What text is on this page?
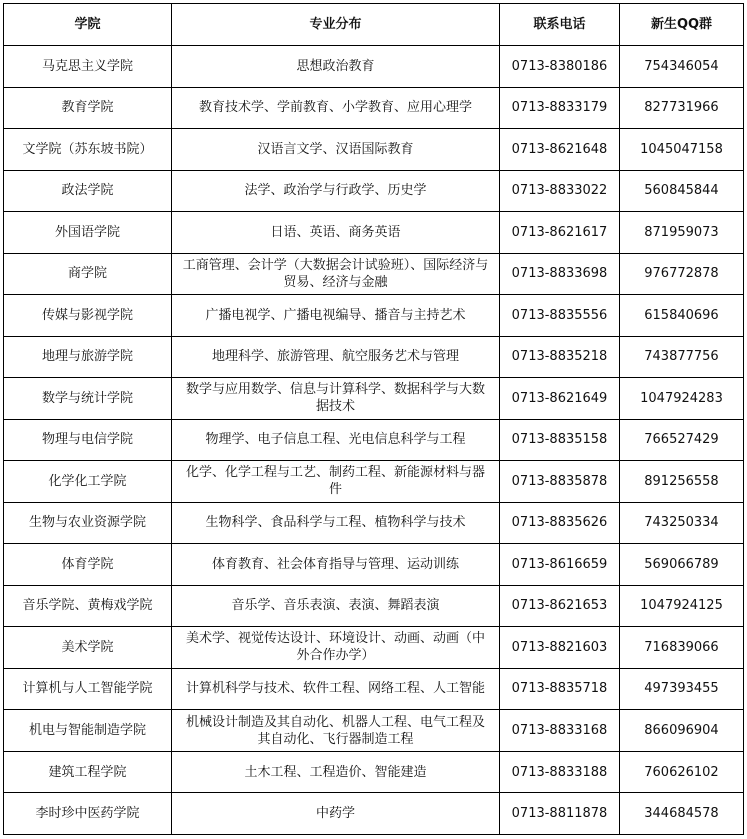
学院	专业分布	联系电话	新生QQ群
马克思主义学院	思想政治教育	0713-8380186	754346054
教育学院	教育技术学、学前教育、小学教育、应用心理学	0713-8833179	827731966
文学院（苏东坡书院）	汉语言文学、汉语国际教育	0713-8621648	1045047158
政法学院	法学、政治学与行政学、历史学	0713-8833022	560845844
外国语学院	日语、英语、商务英语	0713-8621617	871959073
商学院	工商管理、会计学（大数据会计试验班）、国际经济与贸易、经济与金融	0713-8833698	976772878
传媒与影视学院	广播电视学、广播电视编导、播音与主持艺术	0713-8835556	615840696
地理与旅游学院	地理科学、旅游管理、航空服务艺术与管理	0713-8835218	743877756
数学与统计学院	数学与应用数学、信息与计算科学、数据科学与大数据技术	0713-8621649	1047924283
物理与电信学院	物理学、电子信息工程、光电信息科学与工程	0713-8835158	766527429
化学化工学院	化学、化学工程与工艺、制药工程、新能源材料与器件	0713-8835878	891256558
生物与农业资源学院	生物科学、食品科学与工程、植物科学与技术	0713-8835626	743250334
体育学院	体育教育、社会体育指导与管理、运动训练	0713-8616659	569066789
音乐学院、黄梅戏学院	音乐学、音乐表演、表演、舞蹈表演	0713-8621653	1047924125
美术学院	美术学、视觉传达设计、环境设计、动画、动画（中外合作办学）	0713-8821603	716839066
计算机与人工智能学院	计算机科学与技术、软件工程、网络工程、人工智能	0713-8835718	497393455
机电与智能制造学院	机械设计制造及其自动化、机器人工程、电气工程及其自动化、飞行器制造工程	0713-8833168	866096904
建筑工程学院	土木工程、工程造价、智能建造	0713-8833188	760626102
李时珍中医药学院	中药学	0713-8811878	344684578
